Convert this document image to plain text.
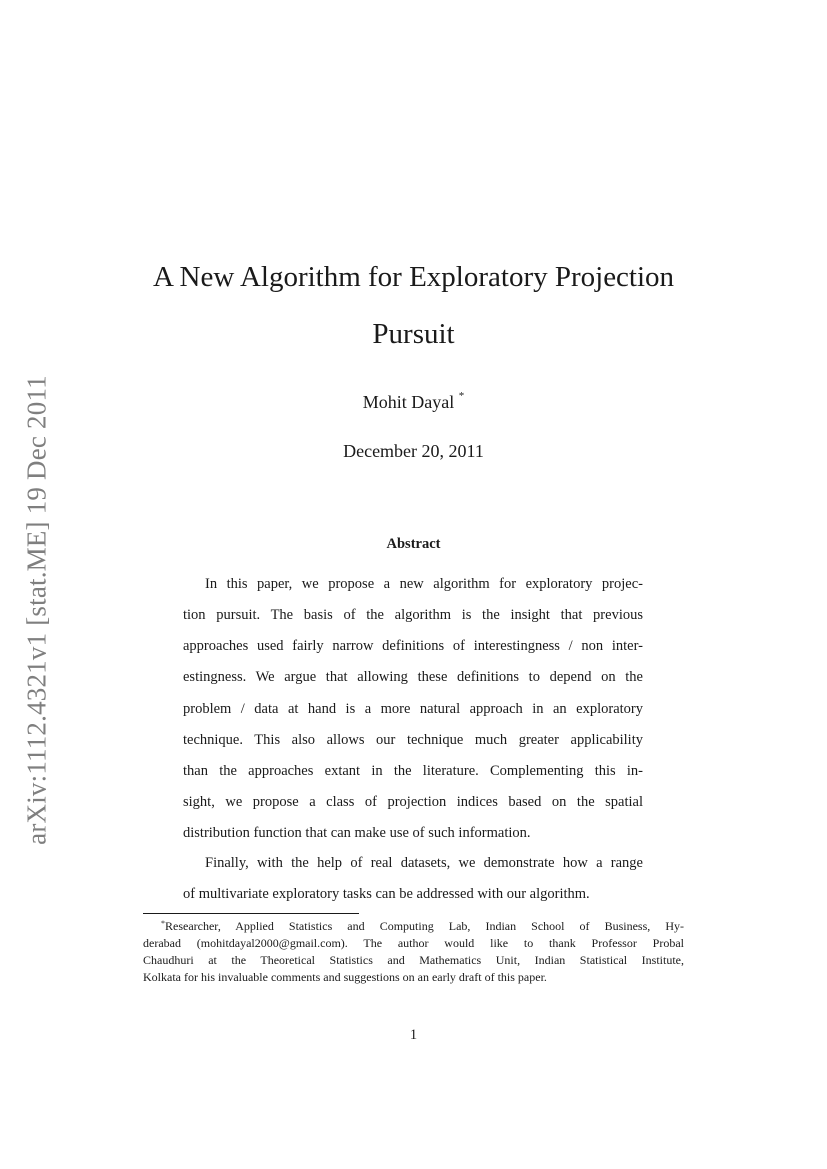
arXiv:1112.4321v1 [stat.ME] 19 Dec 2011
A New Algorithm for Exploratory Projection
Pursuit
Mohit Dayal *
December 20, 2011
Abstract
In this paper, we propose a new algorithm for exploratory projec-
tion pursuit. The basis of the algorithm is the insight that previous
approaches used fairly narrow definitions of interestingness / non inter-
estingness. We argue that allowing these definitions to depend on the
problem / data at hand is a more natural approach in an exploratory
technique. This also allows our technique much greater applicability
than the approaches extant in the literature. Complementing this in-
sight, we propose a class of projection indices based on the spatial
distribution function that can make use of such information.
Finally, with the help of real datasets, we demonstrate how a range
of multivariate exploratory tasks can be addressed with our algorithm.
*Researcher, Applied Statistics and Computing Lab, Indian School of Business, Hy-
derabad (mohitdayal2000@gmail.com). The author would like to thank Professor Probal
Chaudhuri at the Theoretical Statistics and Mathematics Unit, Indian Statistical Institute,
Kolkata for his invaluable comments and suggestions on an early draft of this paper.
1
